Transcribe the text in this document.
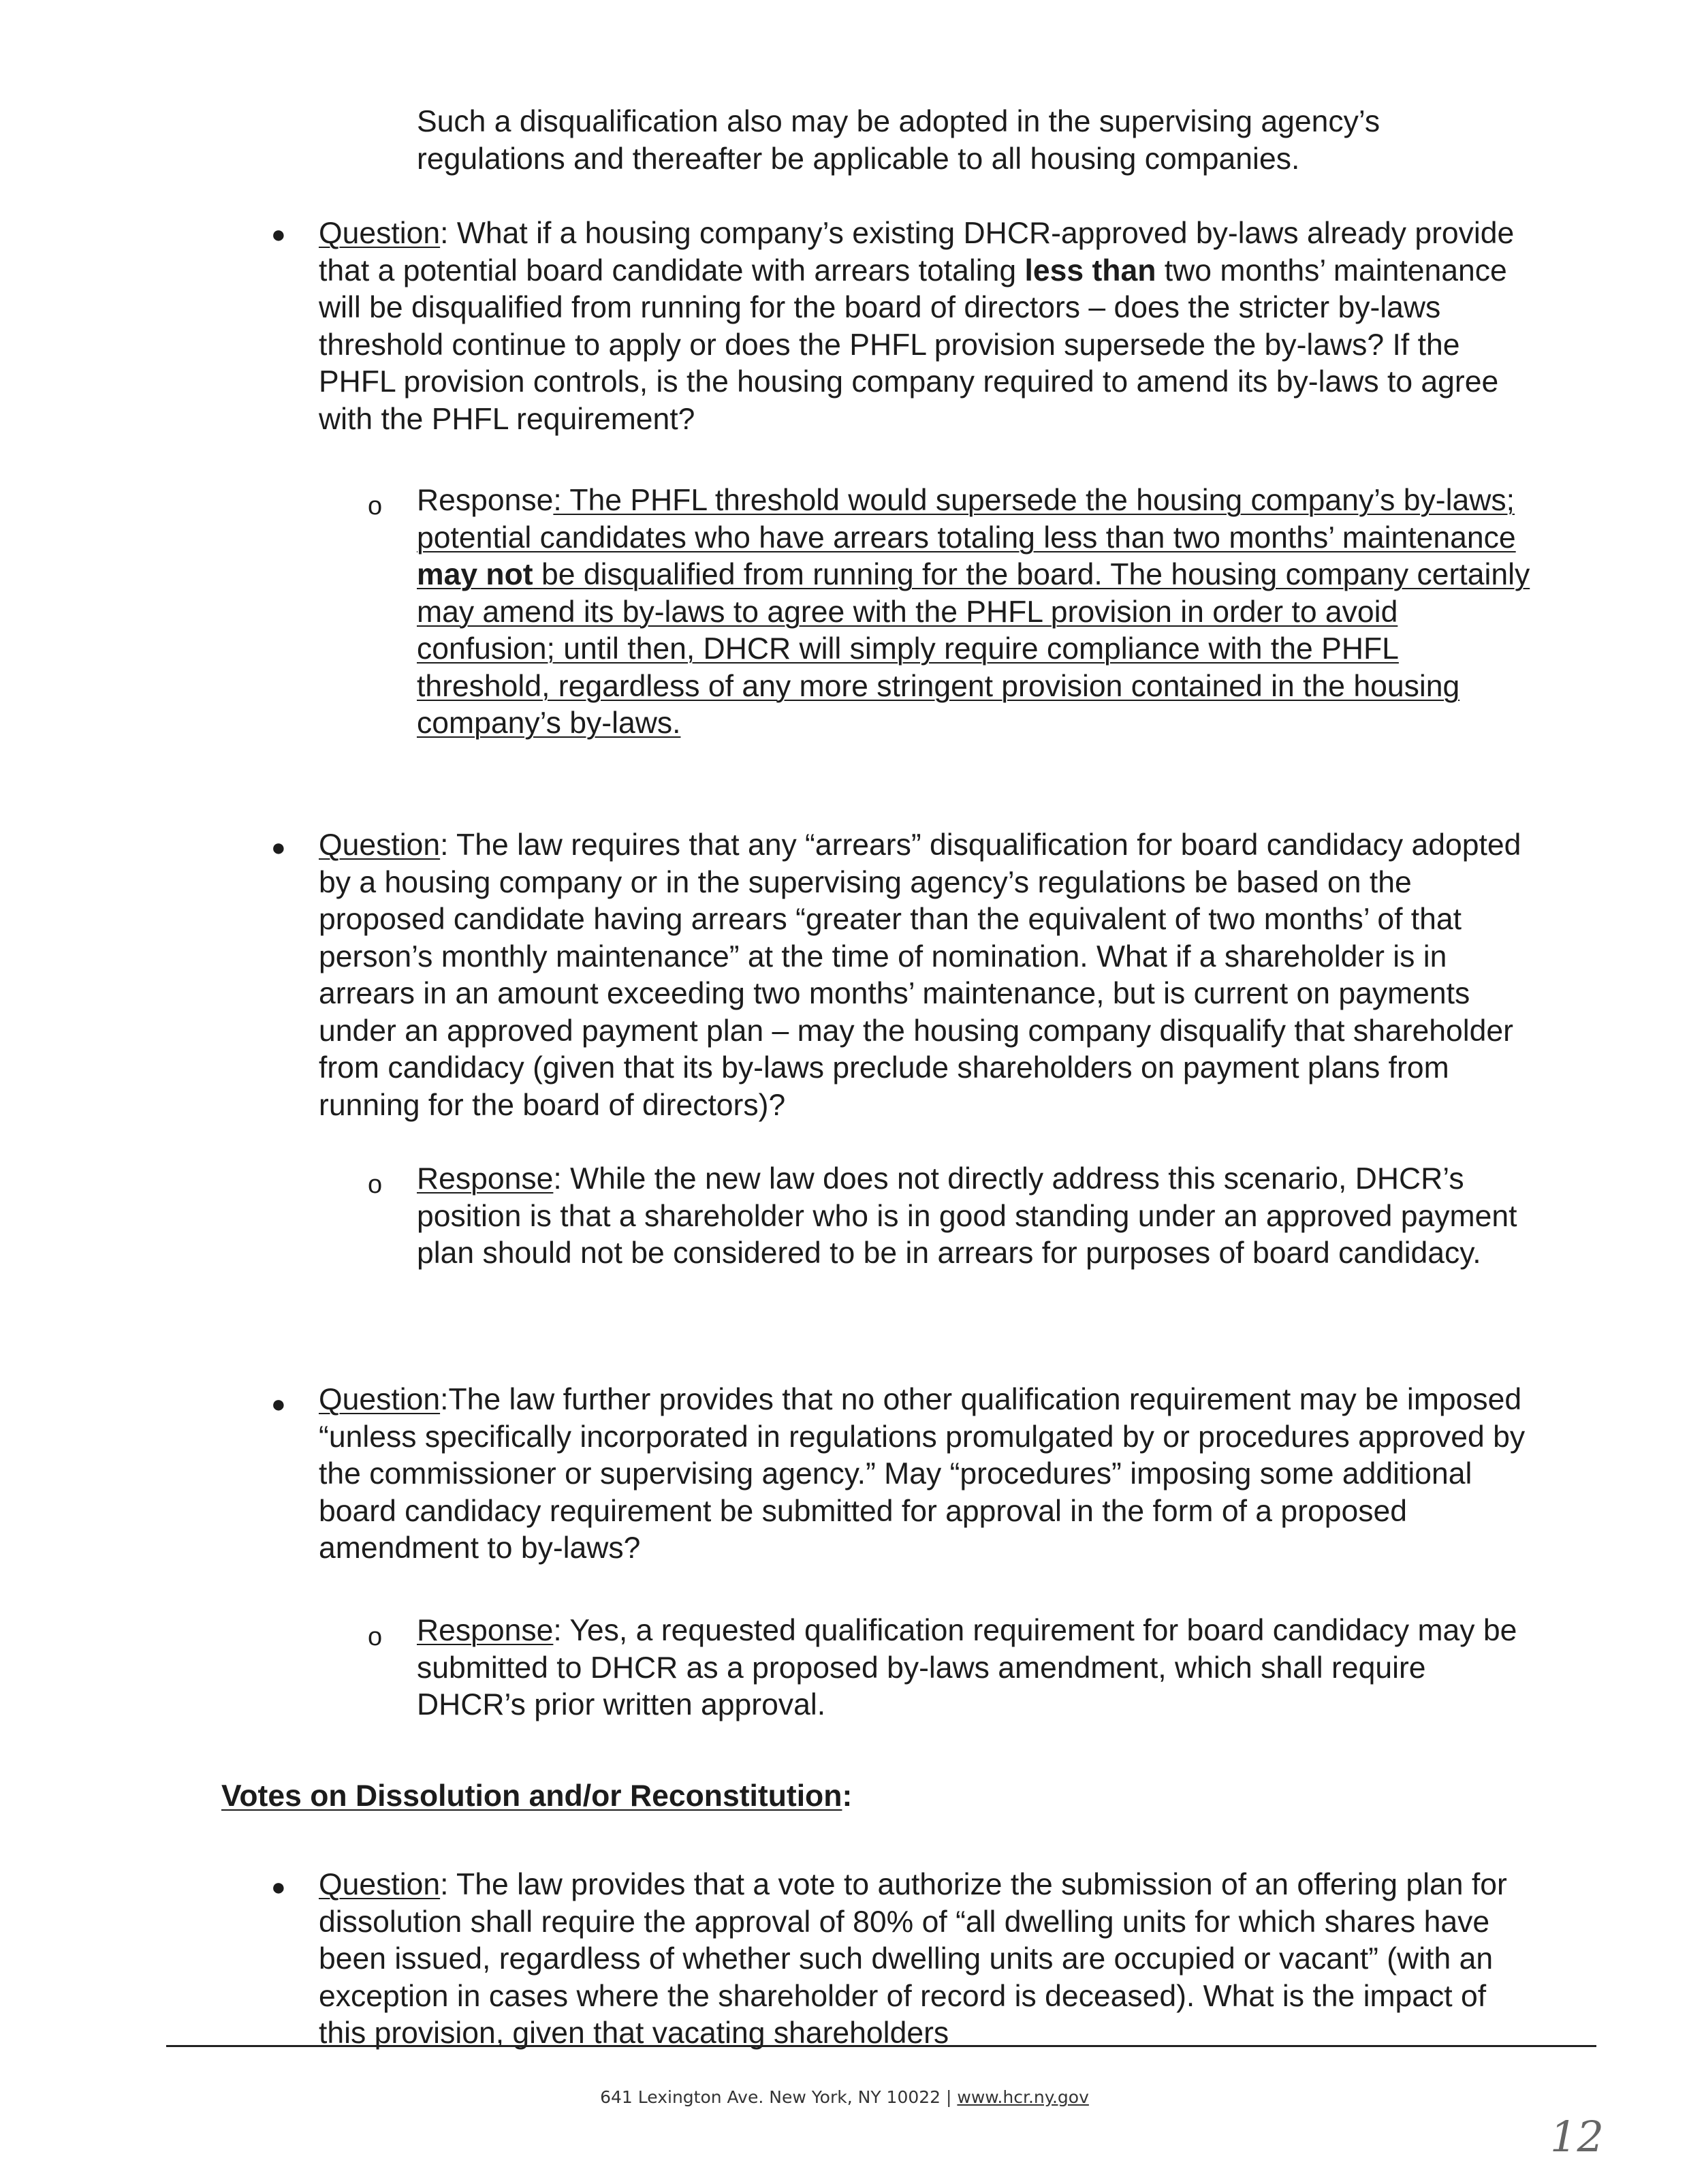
Such a disqualification also may be adopted in the supervising agency’s
regulations and thereafter be applicable to all housing companies.

● Question: What if a housing company’s existing DHCR-approved by-laws already provide that a potential board candidate with arrears totaling less than two months’ maintenance will be disqualified from running for the board of directors – does the stricter by-laws threshold continue to apply or does the PHFL provision supersede the by-laws? If the PHFL provision controls, is the housing company required to amend its by-laws to agree with the PHFL requirement?

o Response: The PHFL threshold would supersede the housing company’s by-laws; potential candidates who have arrears totaling less than two months’ maintenance may not be disqualified from running for the board. The housing company certainly may amend its by-laws to agree with the PHFL provision in order to avoid confusion; until then, DHCR will simply require compliance with the PHFL threshold, regardless of any more stringent provision contained in the housing company’s by-laws.

● Question: The law requires that any “arrears” disqualification for board candidacy adopted by a housing company or in the supervising agency’s regulations be based on the proposed candidate having arrears “greater than the equivalent of two months’ of that person’s monthly maintenance” at the time of nomination. What if a shareholder is in arrears in an amount exceeding two months’ maintenance, but is current on payments under an approved payment plan – may the housing company disqualify that shareholder from candidacy (given that its by-laws preclude shareholders on payment plans from running for the board of directors)?

o Response: While the new law does not directly address this scenario, DHCR’s position is that a shareholder who is in good standing under an approved payment plan should not be considered to be in arrears for purposes of board candidacy.

● Question:The law further provides that no other qualification requirement may be imposed “unless specifically incorporated in regulations promulgated by or procedures approved by the commissioner or supervising agency.” May “procedures” imposing some additional board candidacy requirement be submitted for approval in the form of a proposed amendment to by-laws?

o Response: Yes, a requested qualification requirement for board candidacy may be submitted to DHCR as a proposed by-laws amendment, which shall require DHCR’s prior written approval.

Votes on Dissolution and/or Reconstitution:

● Question: The law provides that a vote to authorize the submission of an offering plan for dissolution shall require the approval of 80% of “all dwelling units for which shares have been issued, regardless of whether such dwelling units are occupied or vacant” (with an exception in cases where the shareholder of record is deceased). What is the impact of this provision, given that vacating shareholders

641 Lexington Ave. New York, NY 10022 | www.hcr.ny.gov
12
